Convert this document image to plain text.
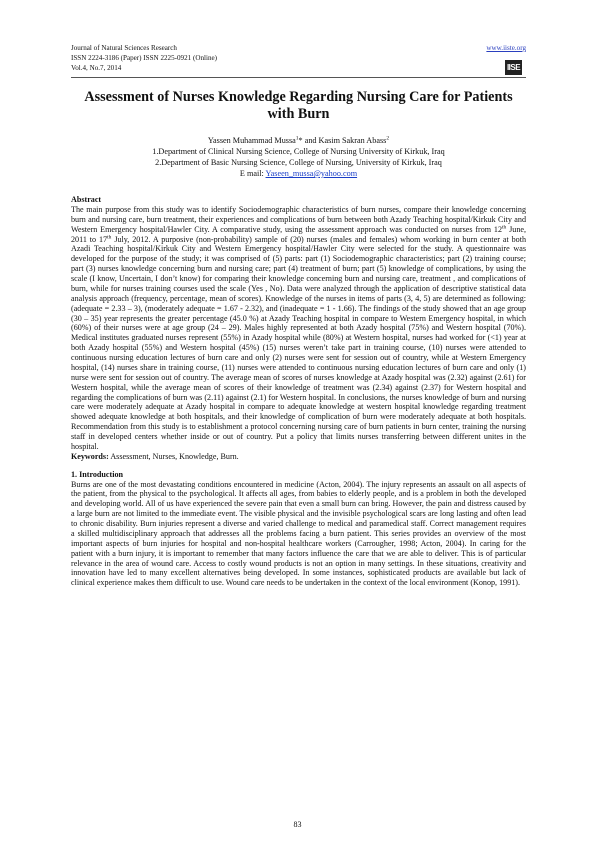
Journal of Natural Sciences Research	www.iiste.org
ISSN 2224-3186 (Paper) ISSN 2225-0921 (Online)
Vol.4, No.7, 2014	IISE
Assessment of Nurses Knowledge Regarding Nursing Care for Patients with Burn
Yassen Muhammad Mussa$^1$* and Kasim Sakran Abass$^2$
1.Department of Clinical Nursing Science, College of Nursing University of Kirkuk, Iraq
2.Department of Basic Nursing Science, College of Nursing, University of Kirkuk, Iraq
E mail: Yaseen_mussa@yahoo.com

Abstract

The main purpose from this study was to identify Sociodemographic characteristics of burn nurses, compare their knowledge concerning burn and nursing care, burn treatment, their experiences and complications of burn between both Azady Teaching hospital/Kirkuk City and Western Emergency hospital/Hawler City. A comparative study, using the assessment approach was conducted on nurses from 12th June, 2011 to 17th July, 2012. A purposive (non-probability) sample of (20) nurses (males and females) whom working in burn center at both Azadi Teaching hospital/Kirkuk City and Western Emergency hospital/Hawler City were selected for the study. A questionnaire was developed for the purpose of the study; it was comprised of (5) parts: part (1) Sociodemographic characteristics; part (2) training course; part (3) nurses knowledge concerning burn and nursing care; part (4) treatment of burn; part (5) knowledge of complications, by using the scale (I know, Uncertain, I don’t know) for comparing their knowledge concerning burn and nursing care, treatment , and complications of burn, while for nurses training courses used the scale (Yes , No). Data were analyzed through the application of descriptive statistical data analysis approach (frequency, percentage, mean of scores). Knowledge of the nurses in items of parts (3, 4, 5) are determined as following: (adequate = 2.33 – 3), (moderately adequate = 1.67 - 2.32), and (inadequate = 1 - 1.66). The findings of the study showed that an age group (30 – 35) year represents the greater percentage (45.0 %) at Azady Teaching hospital in compare to Western Emergency hospital, in which (60%) of their nurses were at age group (24 – 29). Males highly represented at both Azady hospital (75%) and Western hospital (70%). Medical institutes graduated nurses represent (55%) in Azady hospital while (80%) at Western hospital, nurses had worked for (<1) year at both Azady hospital (55%) and Western hospital (45%) (15) nurses weren’t take part in training course, (10) nurses were attended to continuous nursing education lectures of burn care and only (2) nurses were sent for session out of country, while at Western Emergency hospital, (14) nurses share in training course, (11) nurses were attended to continuous nursing education lectures of burn care and only (1) nurse were sent for session out of country. The average mean of scores of nurses knowledge at Azady hospital was (2.32) against (2.61) for Western hospital, while the average mean of scores of their knowledge of treatment was (2.34) against (2.37) for Western hospital and regarding the complications of burn was (2.11) against (2.1) for Western hospital. In conclusions, the nurses knowledge of burn and nursing care were moderately adequate at Azady hospital in compare to adequate knowledge at western hospital knowledge regarding treatment showed adequate knowledge at both hospitals, and their knowledge of complication of burn were moderately adequate at both hospitals. Recommendation from this study is to establishment a protocol concerning nursing care of burn patients in burn center, training the nursing staff in developed centers whether inside or out of country. Put a policy that limits nurses transferring between different unites in the hospital.

Keywords: Assessment, Nurses, Knowledge, Burn.

1. Introduction

Burns are one of the most devastating conditions encountered in medicine (Acton, 2004). The injury represents an assault on all aspects of the patient, from the physical to the psychological. It affects all ages, from babies to elderly people, and is a problem in both the developed and developing world. All of us have experienced the severe pain that even a small burn can bring. However, the pain and distress caused by a large burn are not limited to the immediate event. The visible physical and the invisible psychological scars are long lasting and often lead to chronic disability. Burn injuries represent a diverse and varied challenge to medical and paramedical staff. Correct management requires a skilled multidisciplinary approach that addresses all the problems facing a burn patient. This series provides an overview of the most important aspects of burn injuries for hospital and non-hospital healthcare workers (Carrougher, 1998; Acton, 2004). In caring for the patient with a burn injury, it is important to remember that many factors influence the care that we are able to deliver. This is of particular relevance in the area of wound care. Access to costly wound products is not an option in many settings. In these situations, creativity and innovation have led to many excellent alternatives being developed. In some instances, sophisticated products are available but lack of clinical experience makes them difficult to use. Wound care needs to be undertaken in the context of the local environment (Konop, 1991).

83
